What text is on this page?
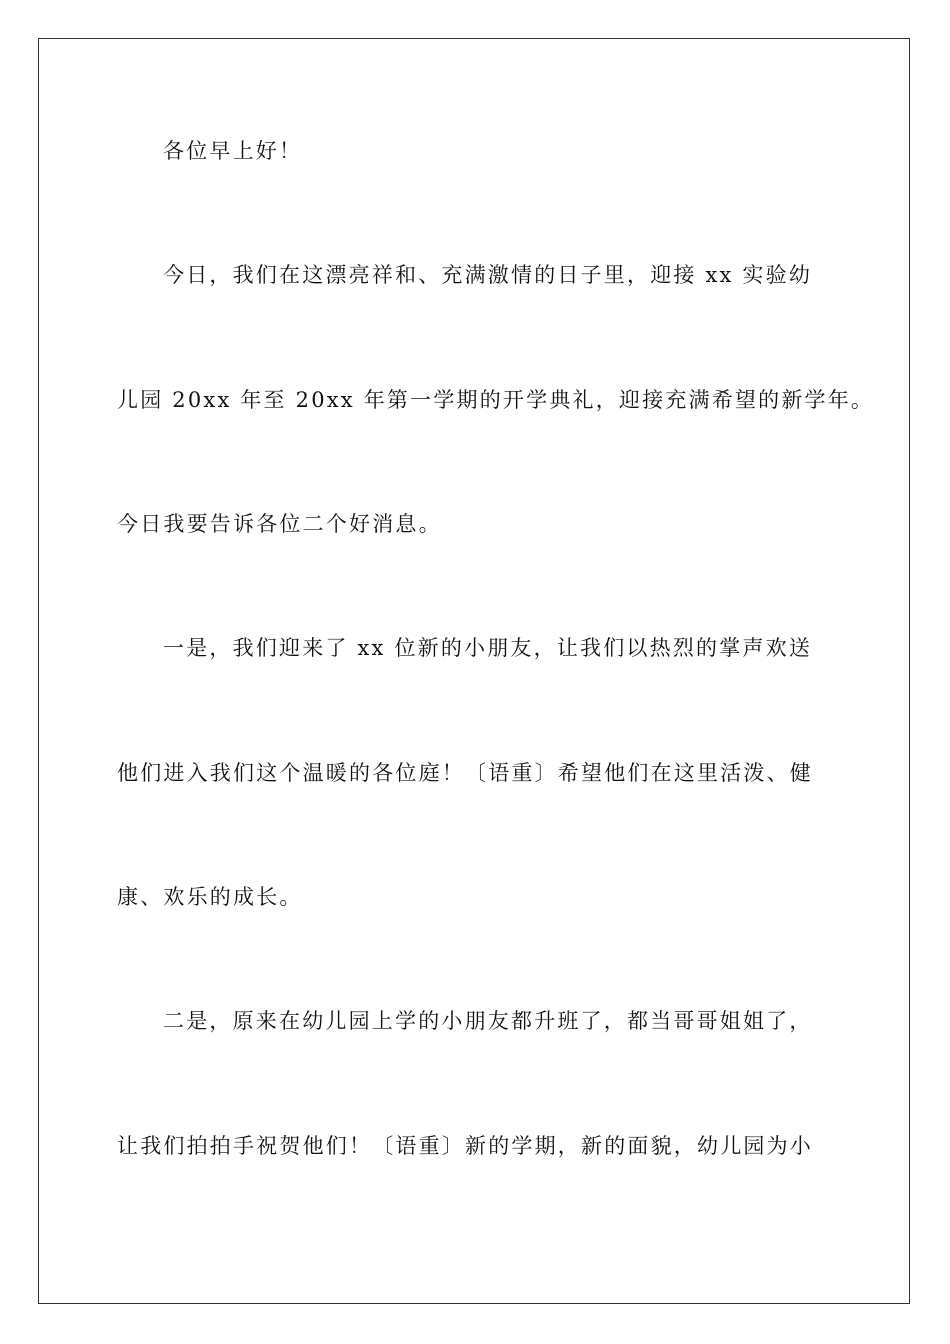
各位早上好！
今日，我们在这漂亮祥和、充满激情的日子里，迎接 xx 实验幼
儿园 20xx 年至 20xx 年第一学期的开学典礼，迎接充满希望的新学年。
今日我要告诉各位二个好消息。
一是，我们迎来了 xx 位新的小朋友，让我们以热烈的掌声欢送
他们进入我们这个温暖的各位庭！〔语重〕希望他们在这里活泼、健
康、欢乐的成长。
二是，原来在幼儿园上学的小朋友都升班了，都当哥哥姐姐了，
让我们拍拍手祝贺他们！〔语重〕新的学期，新的面貌，幼儿园为小
